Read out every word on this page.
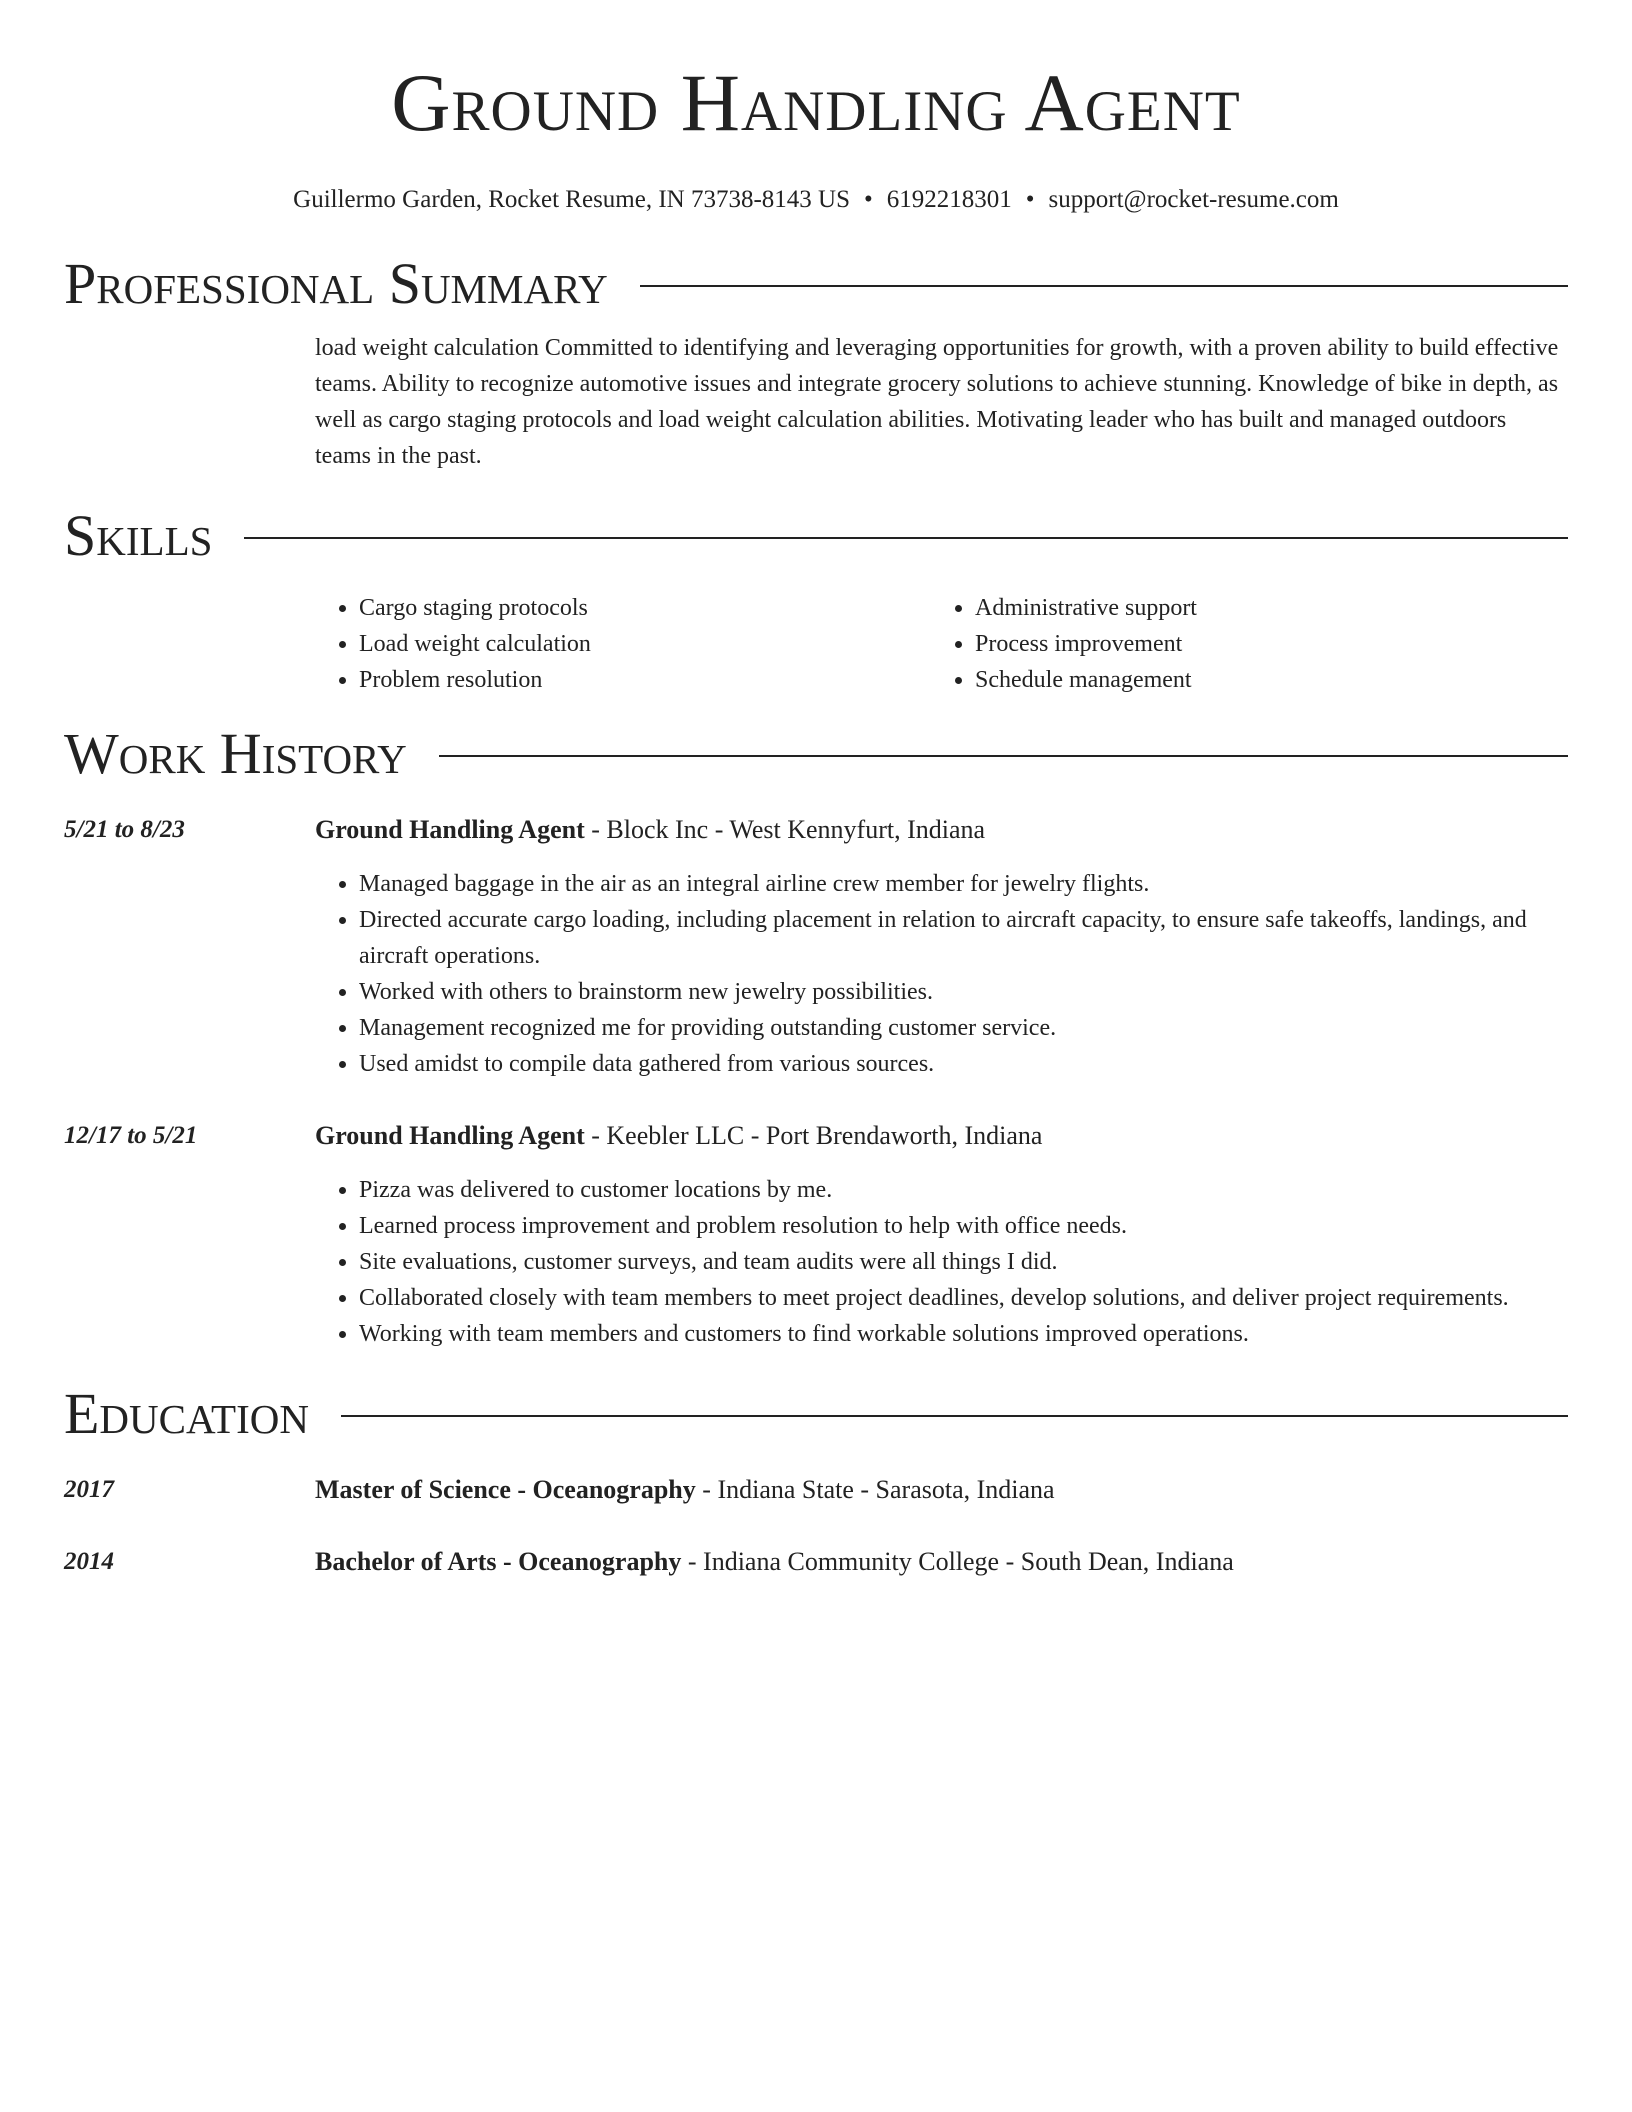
Ground Handling Agent
Guillermo Garden, Rocket Resume, IN 73738-8143 US • 6192218301 • support@rocket-resume.com
Professional Summary
load weight calculation Committed to identifying and leveraging opportunities for growth, with a proven ability to build effective teams. Ability to recognize automotive issues and integrate grocery solutions to achieve stunning. Knowledge of bike in depth, as well as cargo staging protocols and load weight calculation abilities. Motivating leader who has built and managed outdoors teams in the past.
Skills
• Cargo staging protocols
• Load weight calculation
• Problem resolution
• Administrative support
• Process improvement
• Schedule management
Work History
5/21 to 8/23	Ground Handling Agent - Block Inc - West Kennyfurt, Indiana
• Managed baggage in the air as an integral airline crew member for jewelry flights.
• Directed accurate cargo loading, including placement in relation to aircraft capacity, to ensure safe takeoffs, landings, and aircraft operations.
• Worked with others to brainstorm new jewelry possibilities.
• Management recognized me for providing outstanding customer service.
• Used amidst to compile data gathered from various sources.
12/17 to 5/21	Ground Handling Agent - Keebler LLC - Port Brendaworth, Indiana
• Pizza was delivered to customer locations by me.
• Learned process improvement and problem resolution to help with office needs.
• Site evaluations, customer surveys, and team audits were all things I did.
• Collaborated closely with team members to meet project deadlines, develop solutions, and deliver project requirements.
• Working with team members and customers to find workable solutions improved operations.
Education
2017	Master of Science - Oceanography - Indiana State - Sarasota, Indiana
2014	Bachelor of Arts - Oceanography - Indiana Community College - South Dean, Indiana
